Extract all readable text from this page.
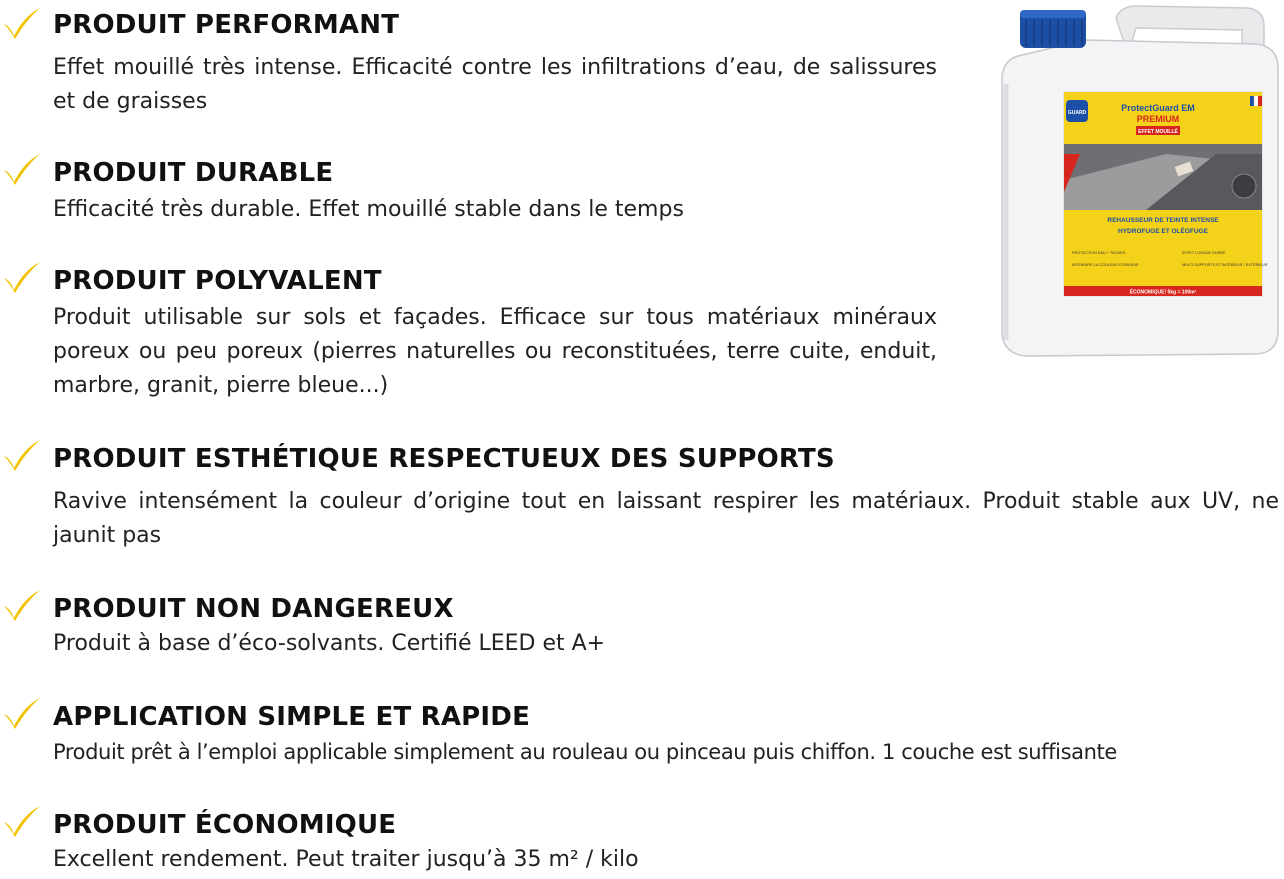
PRODUIT PERFORMANT
Effet mouillé très intense. Efficacité contre les infiltrations d’eau, de salissures et de graisses
PRODUIT DURABLE
Efficacité très durable. Effet mouillé stable dans le temps
PRODUIT POLYVALENT
Produit utilisable sur sols et façades. Efficace sur tous matériaux minéraux poreux ou peu poreux (pierres naturelles ou reconstituées, terre cuite, enduit, marbre, granit, pierre bleue...)
PRODUIT ESTHÉTIQUE RESPECTUEUX DES SUPPORTS
Ravive intensément la couleur d’origine tout en laissant respirer les matériaux. Produit stable aux UV, ne jaunit pas
PRODUIT NON DANGEREUX
Produit à base d’éco-solvants. Certifié LEED et A+
APPLICATION SIMPLE ET RAPIDE
Produit prêt à l’emploi applicable simplement au rouleau ou pinceau puis chiffon. 1 couche est suffisante
PRODUIT ÉCONOMIQUE
Excellent rendement. Peut traiter jusqu’à 35 m² / kilo
GUARD	ProtectGuard EM
PREMIUM
EFFET MOUILLÉ
REHAUSSEUR DE TEINTE INTENSE
HYDROFUGE ET OLÉOFUGE
PROTECTION EAU + TACHES	EFFET LONGUE DURÉE
INTENSIFIE LA COULEUR D'ORIGINE	MULTI-SUPPORTS ET INTÉRIEUR / EXTÉRIEUR
ÉCONOMIQUE! 5kg = 100m²
